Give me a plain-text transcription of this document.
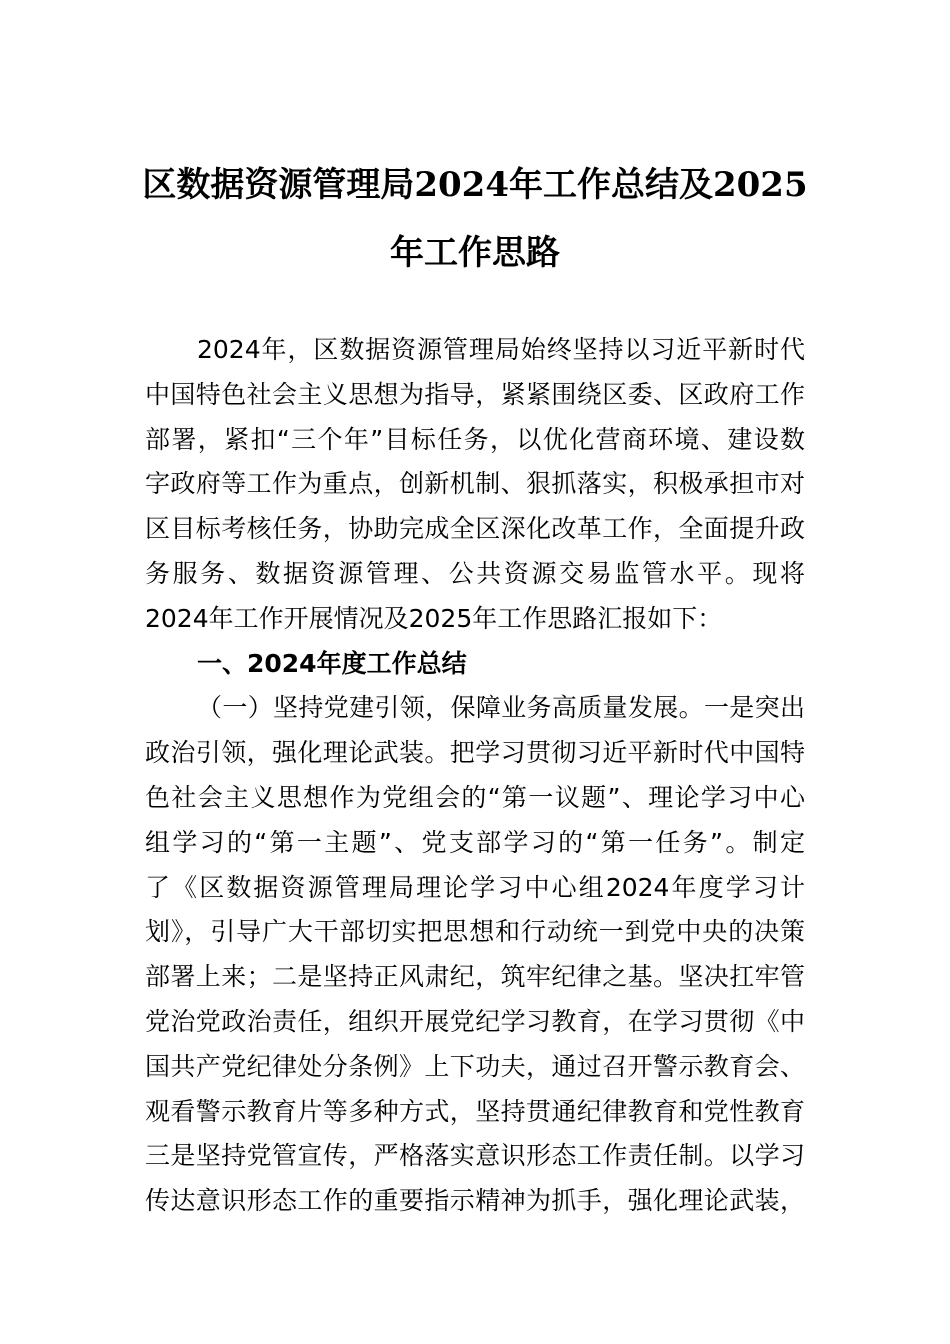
区数据资源管理局2024年工作总结及2025
年工作思路
2024年，区数据资源管理局始终坚持以习近平新时代
中国特色社会主义思想为指导，紧紧围绕区委、区政府工作
部署，紧扣“三个年”目标任务，以优化营商环境、建设数
字政府等工作为重点，创新机制、狠抓落实，积极承担市对
区目标考核任务，协助完成全区深化改革工作，全面提升政
务服务、数据资源管理、公共资源交易监管水平。现将
2024年工作开展情况及2025年工作思路汇报如下：
一、2024年度工作总结
（一）坚持党建引领，保障业务高质量发展。一是突出
政治引领，强化理论武装。把学习贯彻习近平新时代中国特
色社会主义思想作为党组会的“第一议题”、理论学习中心
组学习的“第一主题”、党支部学习的“第一任务”。制定
了《区数据资源管理局理论学习中心组2024年度学习计
划》，引导广大干部切实把思想和行动统一到党中央的决策
部署上来；二是坚持正风肃纪，筑牢纪律之基。坚决扛牢管
党治党政治责任，组织开展党纪学习教育，在学习贯彻《中
国共产党纪律处分条例》上下功夫，通过召开警示教育会、
观看警示教育片等多种方式，坚持贯通纪律教育和党性教育
三是坚持党管宣传，严格落实意识形态工作责任制。以学习
传达意识形态工作的重要指示精神为抓手，强化理论武装，
